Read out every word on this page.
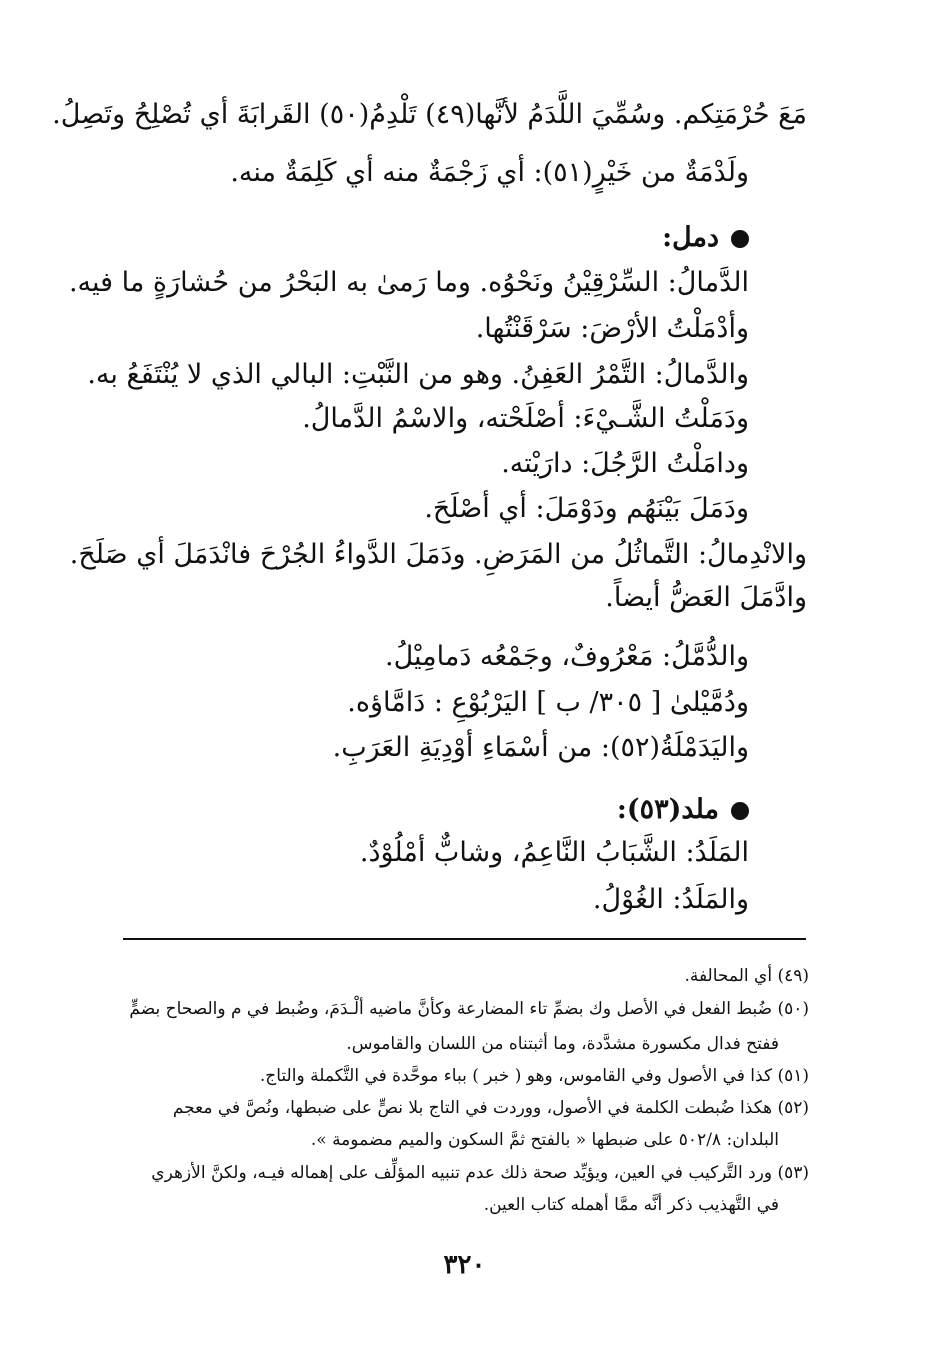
مَعَ حُرْمَتِكم. وسُمِّيَ اللَّدَمُ لأنَّها(٤٩) تَلْدِمُ(٥٠) القَرابَةَ أي تُصْلِحُ وتَصِلُ.
ولَدْمَةٌ من خَيْرٍ(٥١): أي زَجْمَةٌ منه أي كَلِمَةٌ منه.
دمل:
الدَّمالُ: السِّرْقِيْنُ ونَحْوُه. وما رَمىٰ به البَحْرُ من حُشارَةٍ ما فيه.
وأدْمَلْتُ الأرْضَ: سَرْقَنْتُها.
والدَّمالُ: التَّمْرُ العَفِنُ. وهو من النَّبْتِ: البالي الذي لا يُنْتَفَعُ به.
ودَمَلْتُ الشَّـيْءَ: أصْلَحْته، والاسْمُ الدَّمالُ.
ودامَلْتُ الرَّجُلَ: دارَيْته.
ودَمَلَ بَيْنَهُم ودَوْمَلَ: أي أصْلَحَ.
والانْدِمالُ: التَّماثُلُ من المَرَضِ. ودَمَلَ الدَّواءُ الجُرْحَ فانْدَمَلَ أي صَلَحَ.
وادَّمَلَ العَضُّ أيضاً.
والدُّمَّلُ: مَعْرُوفٌ، وجَمْعُه دَمامِيْلُ.
ودُمَّيْلىٰ [ ٣٠٥/ ب ] اليَرْبُوْعِ : دَامَّاؤه.
واليَدَمْلَةُ(٥٢): من أسْمَاءِ أوْدِيَةِ العَرَبِ.
ملد(٥٣):
المَلَدُ: الشَّبَابُ النَّاعِمُ، وشابٌّ أمْلُوْدٌ.
والمَلَدُ: الغُوْلُ.
(٤٩) أي المحالفة.
(٥٠) ضُبط الفعل في الأصل وك بضمِّ تاء المضارعة وكأنَّ ماضيه ألْـدَمَ، وضُبط في م والصحاح بضمٍّ
ففتح فدال مكسورة مشدَّدة، وما أثبتناه من اللسان والقاموس.
(٥١) كذا في الأصول وفي القاموس، وهو ( خبر ) بباء موحَّدة في التَّكملة والتاج.
(٥٢) هكذا ضُبطت الكلمة في الأصول، ووردت في التاج بلا نصٍّ على ضبطها، ونُصَّ في معجم
البلدان: ٥٠٢/٨ على ضبطها « بالفتح ثمَّ السكون والميم مضمومة ».
(٥٣) ورد التَّركيب في العين، ويؤيِّد صحة ذلك عدم تنبيه المؤلِّف على إهماله فيـه، ولكنَّ الأزهري
في التَّهذيب ذكر أنَّه ممَّا أهمله كتاب العين.
٣٢٠
